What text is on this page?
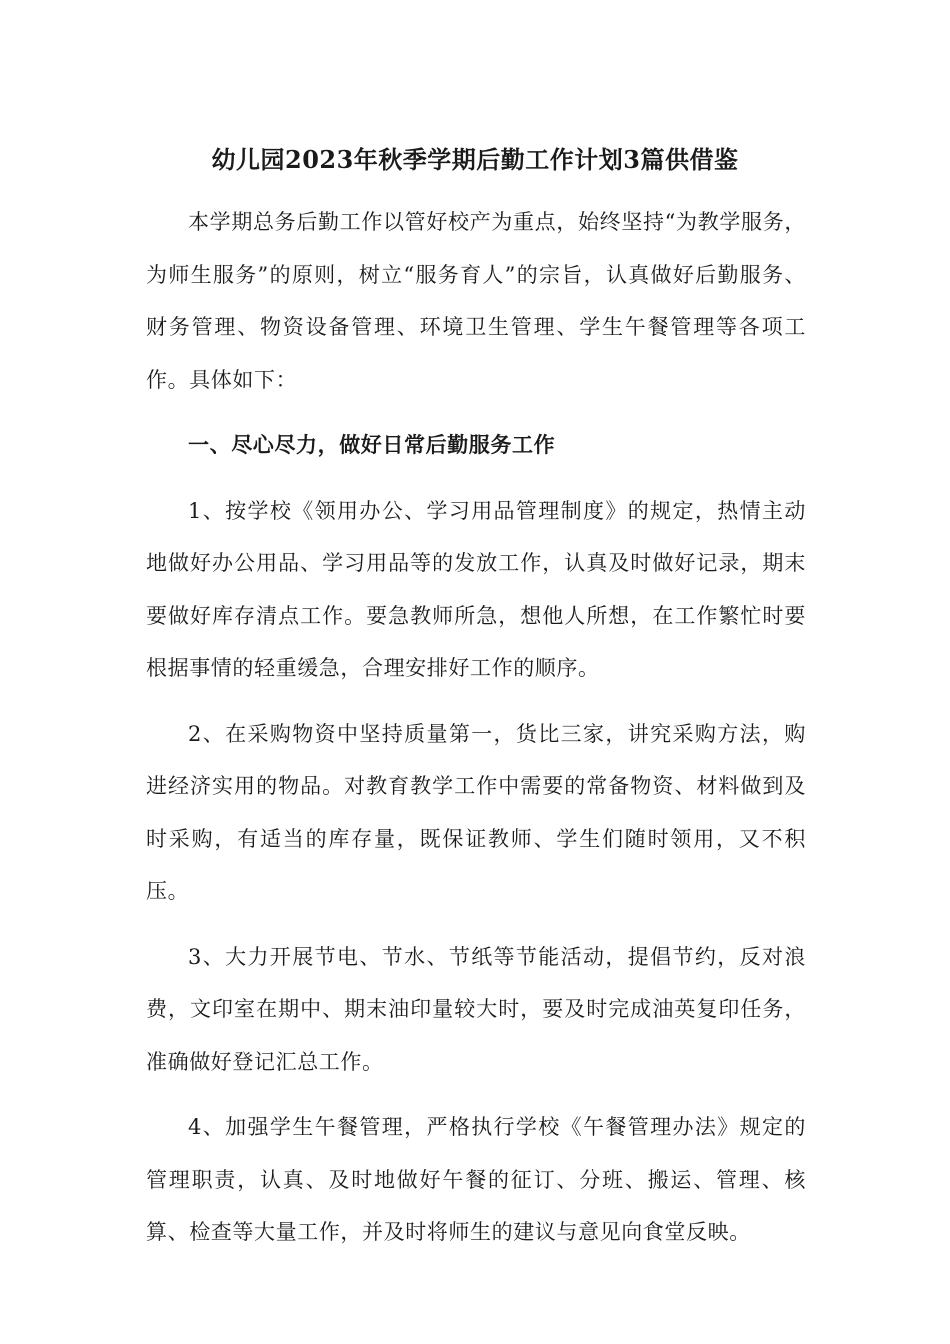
幼儿园2023年秋季学期后勤工作计划3篇供借鉴

本学期总务后勤工作以管好校产为重点，始终坚持“为教学服务，为师生服务”的原则，树立“服务育人”的宗旨，认真做好后勤服务、财务管理、物资设备管理、环境卫生管理、学生午餐管理等各项工作。具体如下：

一、尽心尽力，做好日常后勤服务工作

1、按学校《领用办公、学习用品管理制度》的规定，热情主动地做好办公用品、学习用品等的发放工作，认真及时做好记录，期末要做好库存清点工作。要急教师所急，想他人所想，在工作繁忙时要根据事情的轻重缓急，合理安排好工作的顺序。

2、在采购物资中坚持质量第一，货比三家，讲究采购方法，购进经济实用的物品。对教育教学工作中需要的常备物资、材料做到及时采购，有适当的库存量，既保证教师、学生们随时领用，又不积压。

3、大力开展节电、节水、节纸等节能活动，提倡节约，反对浪费，文印室在期中、期末油印量较大时，要及时完成油英复印任务，准确做好登记汇总工作。

4、加强学生午餐管理，严格执行学校《午餐管理办法》规定的管理职责，认真、及时地做好午餐的征订、分班、搬运、管理、核算、检查等大量工作，并及时将师生的建议与意见向食堂反映。
